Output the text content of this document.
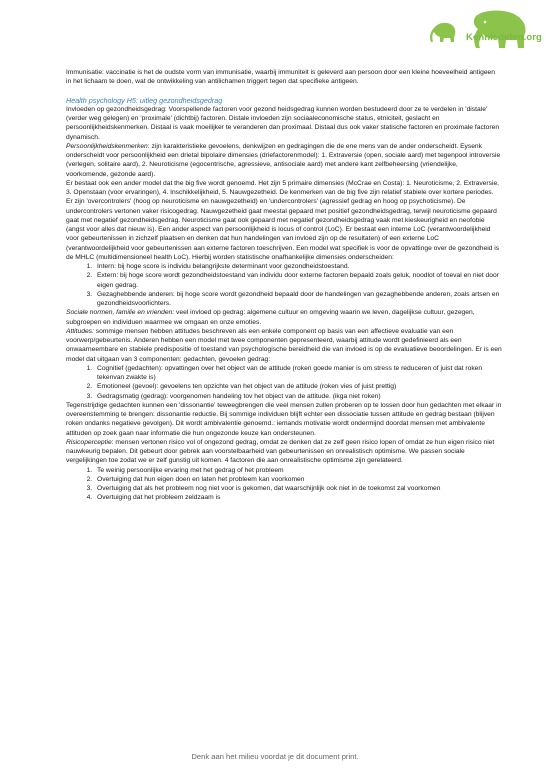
Kennisdelen.org

Immunisatie: vaccinatie is het de oudste vorm van immunisatie, waarbij immuniteit is geleverd aan persoon door een kleine hoeveelheid antigeen in het lichaam te doen, wat de ontwikkeling van antilichamen triggert tegen dat specifieke antigeen.

Health psychology H5: uitleg gezondheidsgedrag

Invloeden op gezondheidsgedrag: Voorspellende factoren voor gezond heidsgedrag kunnen worden bestudeerd door ze te verdelen in 'distale' (verder weg gelegen) en 'proximale' (dichtbij) factoren. Distale invloeden zijn sociaaleconomische status, etniciteit, geslacht en persoonlijkheidskenmerken. Distaal is vaak moeilijker te veranderen dan proximaal. Distaal dus ook vaker statische factoren en proximale factoren dynamisch.

Persoonlijkheidskenmerken: zijn karakteristieke gevoelens, denkwijzen en gedragingen die de ene mens van de ander onderscheidt. Eysenk onderscheidt voor persoonlijkheid een drietal bipolaire dimensies (driefactorenmodel): 1. Extraversie (open, sociale aard) met tegenpool introversie (verlegen, solitaire aard), 2. Neuroticisme (egocentrische, agressieve, antisociale aard) met andere kant zelfbeheersing (vriendelijke, voorkomende, gezonde aard).

Er bestaat ook een ander model dat the big five wordt genoemd. Het zijn 5 primaire dimensies (McCrae en Costa): 1. Neuroticisme, 2. Extraversie, 3. Openstaan (voor ervaringen), 4. Inschikkelijkheid, 5. Nauwgezetheid. De kenmerken van de big five zijn relatief stabiele over kortere periodes. Er zijn 'overcontrolers' (hoog op neuroticisme en nauwgezetheid) en 'undercontrolers' (agressief gedrag en hoog op psychoticisme). De undercontrolers vertonen vaker risicogedrag. Nauwgezetheid gaat meestal gepaard met positief gezondheidsgedrag, terwijl neuroticisme gepaard gaat met negatief gezondheidsgedrag. Neuroticisme gaat ook gepaard met negatief gezondheidsgedrag vaak met kieskeurigheid en neofobie (angst voor alles dat nieuw is). Een ander aspect van persoonlijkheid is locus of control (LoC). Er bestaat een interne LoC (verantwoordelijkheid voor gebeurtenissen in zichzelf plaatsen en denken dat hun handelingen van invloed zijn op de resultaten) of een externe LoC (verantwoordelijkheid voor gebeurtenissen aan externe factoren toeschrijven. Een model wat specifiek is voor de opvattinge over de gezondheid is de MHLC (multidimensioneel health LoC). Hierbij worden statistische onafhankelijke dimensies onderscheiden:

1. Intern: bij hoge score is individu belangrijkste determinant voor gezondheidstoestand.
2. Extern: bij hoge score wordt gezondheidstoestand van individu door externe factoren bepaald zoals geluk, noodlot of toeval en niet door eigen gedrag.
3. Gezaghebbende anderen: bij hoge score wordt gezondheid bepaald door de handelingen van gezaghebbende anderen, zoals artsen en gezondheidsvoorlichters.

Sociale normen, familie en vrienden: veel invloed op gedrag: algemene cultuur en omgeving waarin we leven, dagelijkse cultuur, gezegen, subgroepen en individuen waarmee we omgaan en onze emoties.

Attitudes: sommige mensen hebben attitudes beschreven als een enkele component op basis van een affectieve evaluatie van een voorwerp/gebeurtenis. Anderen hebben een model met twee componenten gepresenteerd, waarbij attitude wordt gedefinieerd als een onwaarneembare en stabiele predispositie of toestand van psychologische bereidheid die van invloed is op de evaluatieve beoordelingen. Er is een model dat uitgaan van 3 componenten: gedachten, gevoelen gedrag:

1. Cognitief (gedachten): opvattingen over het object van de attitude (roken goede manier is om stress te reduceren of juist dat roken tekenvan zwakte is)
2. Emotioneel (gevoel): gevoelens ten opzichte van het object van de attitude (roken vies of juist prettig)
3. Gedragsmatig (gedrag): voorgenomen handeling tov het object van de attitude. (ikga niet roken)

Tegenstrijdige gedachten kunnen een 'dissonantie' teweegbrengen die veel mensen zullen proberen op te lossen door hun gedachten met elkaar in overeenstemming te brengen: dissonantie reductie. Bij sommige individuen blijft echter een dissociatie tussen attitude en gedrag bestaan (blijven roken ondanks negatieve gevolgen). Dit wordt ambivalentie genoemd.: iemands motivatie wordt ondermijnd doordat mensen met ambivalente attituden op zoek gaan naar informatie die hun ongezonde keuze kan ondersteunen.

Risicoperceptie: mensen vertonen risico vol of ongezond gedrag, omdat ze denken dat ze zelf geen risico lopen of omdat ze hun eigen risico niet nauwkeurig bepalen. Dit gebeurt door gebrek aan voorstelbaarheid van gebeurtenissen en onrealistisch optimisme. We passen sociale vergelijkingen toe zodat we er zelf gunstig uit komen. 4 factoren die aan onrealistische optimisme zijn gerelateerd.

1. Te weinig persoonlijke ervaring met het gedrag of het probleem
2. Overtuiging dat hun eigen doen en laten het probleem kan voorkomen
3. Overtuiging dat als het probleem nog niet voor is gekomen, dat waarschijnlijk ook niet in de toekomst zal voorkomen
4. Overtuiging dat het probleem zeldzaam is
Denk aan het milieu voordat je dit document print.
